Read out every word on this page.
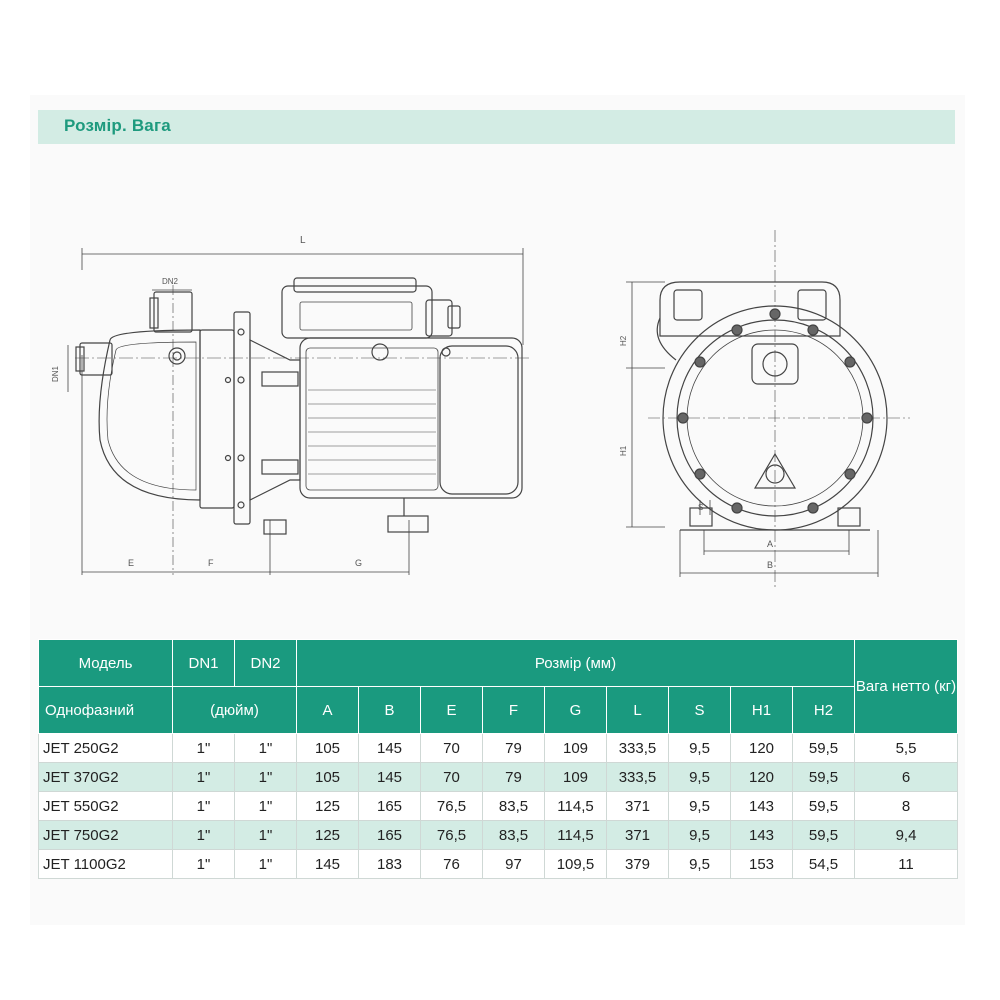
Розмір. Вага
L
E	F	G
DN2
DN1
H2
H1
S
A
B
Модель	DN1	DN2	Розмір (мм)									Вага нетто (кг)
Однофазний	(дюйм)		A	B	E	F	G	L	S	H1	H2	
JET 250G2	1"	1"	105	145	70	79	109	333,5	9,5	120	59,5	5,5
JET 370G2	1"	1"	105	145	70	79	109	333,5	9,5	120	59,5	6
JET 550G2	1"	1"	125	165	76,5	83,5	114,5	371	9,5	143	59,5	8
JET 750G2	1"	1"	125	165	76,5	83,5	114,5	371	9,5	143	59,5	9,4
JET 1100G2	1"	1"	145	183	76	97	109,5	379	9,5	153	54,5	11
